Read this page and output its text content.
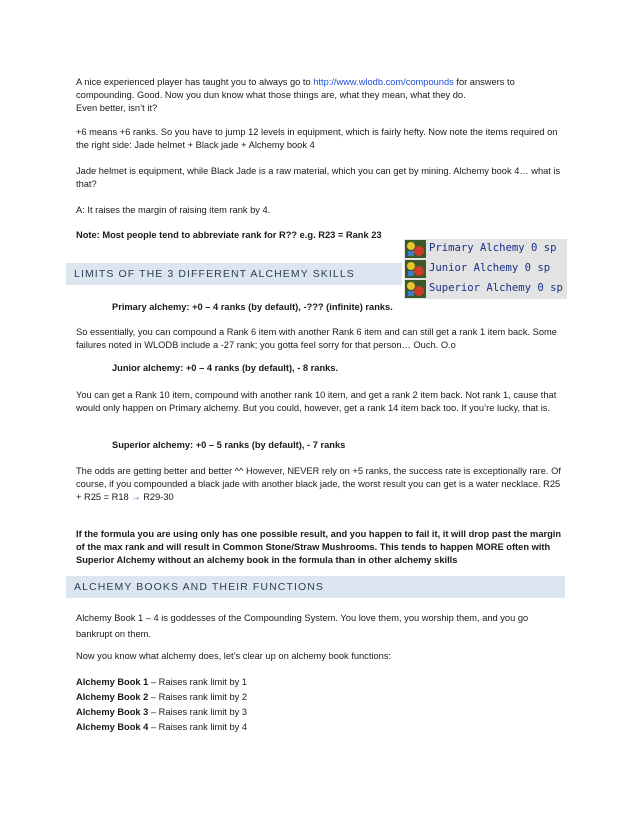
A nice experienced player has taught you to always go to http://www.wlodb.com/compounds for answers to compounding. Good. Now you dun know what those things are, what they mean, what they do.
Even better, isn’t it?

+6 means +6 ranks. So you have to jump 12 levels in equipment, which is fairly hefty. Now note the items required on the right side: Jade helmet + Black jade + Alchemy book 4

Jade helmet is equipment, while Black Jade is a raw material, which you can get by mining. Alchemy book 4… what is that?

A: It raises the margin of raising item rank by 4.

Note: Most people tend to abbreviate rank for R?? e.g. R23 = Rank 23

Primary Alchemy 0 sp
Junior Alchemy 0 sp
Superior Alchemy 0 sp
LIMITS OF THE 3 DIFFERENT ALCHEMY SKILLS

Primary alchemy: +0 – 4 ranks (by default), -??? (infinite) ranks.

So essentially, you can compound a Rank 6 item with another Rank 6 item and can still get a rank 1 item back. Some failures noted in WLODB include a -27 rank; you gotta feel sorry for that person… Ouch. O.o

Junior alchemy: +0 – 4 ranks (by default), - 8 ranks.

You can get a Rank 10 item, compound with another rank 10 item, and get a rank 2 item back. Not rank 1, cause that would only happen on Primary alchemy. But you could, however, get a rank 14 item back too. If you’re lucky, that is.

Superior alchemy: +0 – 5 ranks (by default), - 7 ranks

The odds are getting better and better ^^ However, NEVER rely on +5 ranks, the success rate is exceptionally rare. Of course, if you compounded a black jade with another black jade, the worst result you can get is a water necklace. R25 + R25 = R18 → R29-30

If the formula you are using only has one possible result, and you happen to fail it, it will drop past the margin of the max rank and will result in Common Stone/Straw Mushrooms. This tends to happen MORE often with Superior Alchemy without an alchemy book in the formula than in other alchemy skills

ALCHEMY BOOKS AND THEIR FUNCTIONS

Alchemy Book 1 – 4 is goddesses of the Compounding System. You love them, you worship them, and you go bankrupt on them.

Now you know what alchemy does, let’s clear up on alchemy book functions:

Alchemy Book 1 – Raises rank limit by 1
Alchemy Book 2 – Raises rank limit by 2
Alchemy Book 3 – Raises rank limit by 3
Alchemy Book 4 – Raises rank limit by 4
